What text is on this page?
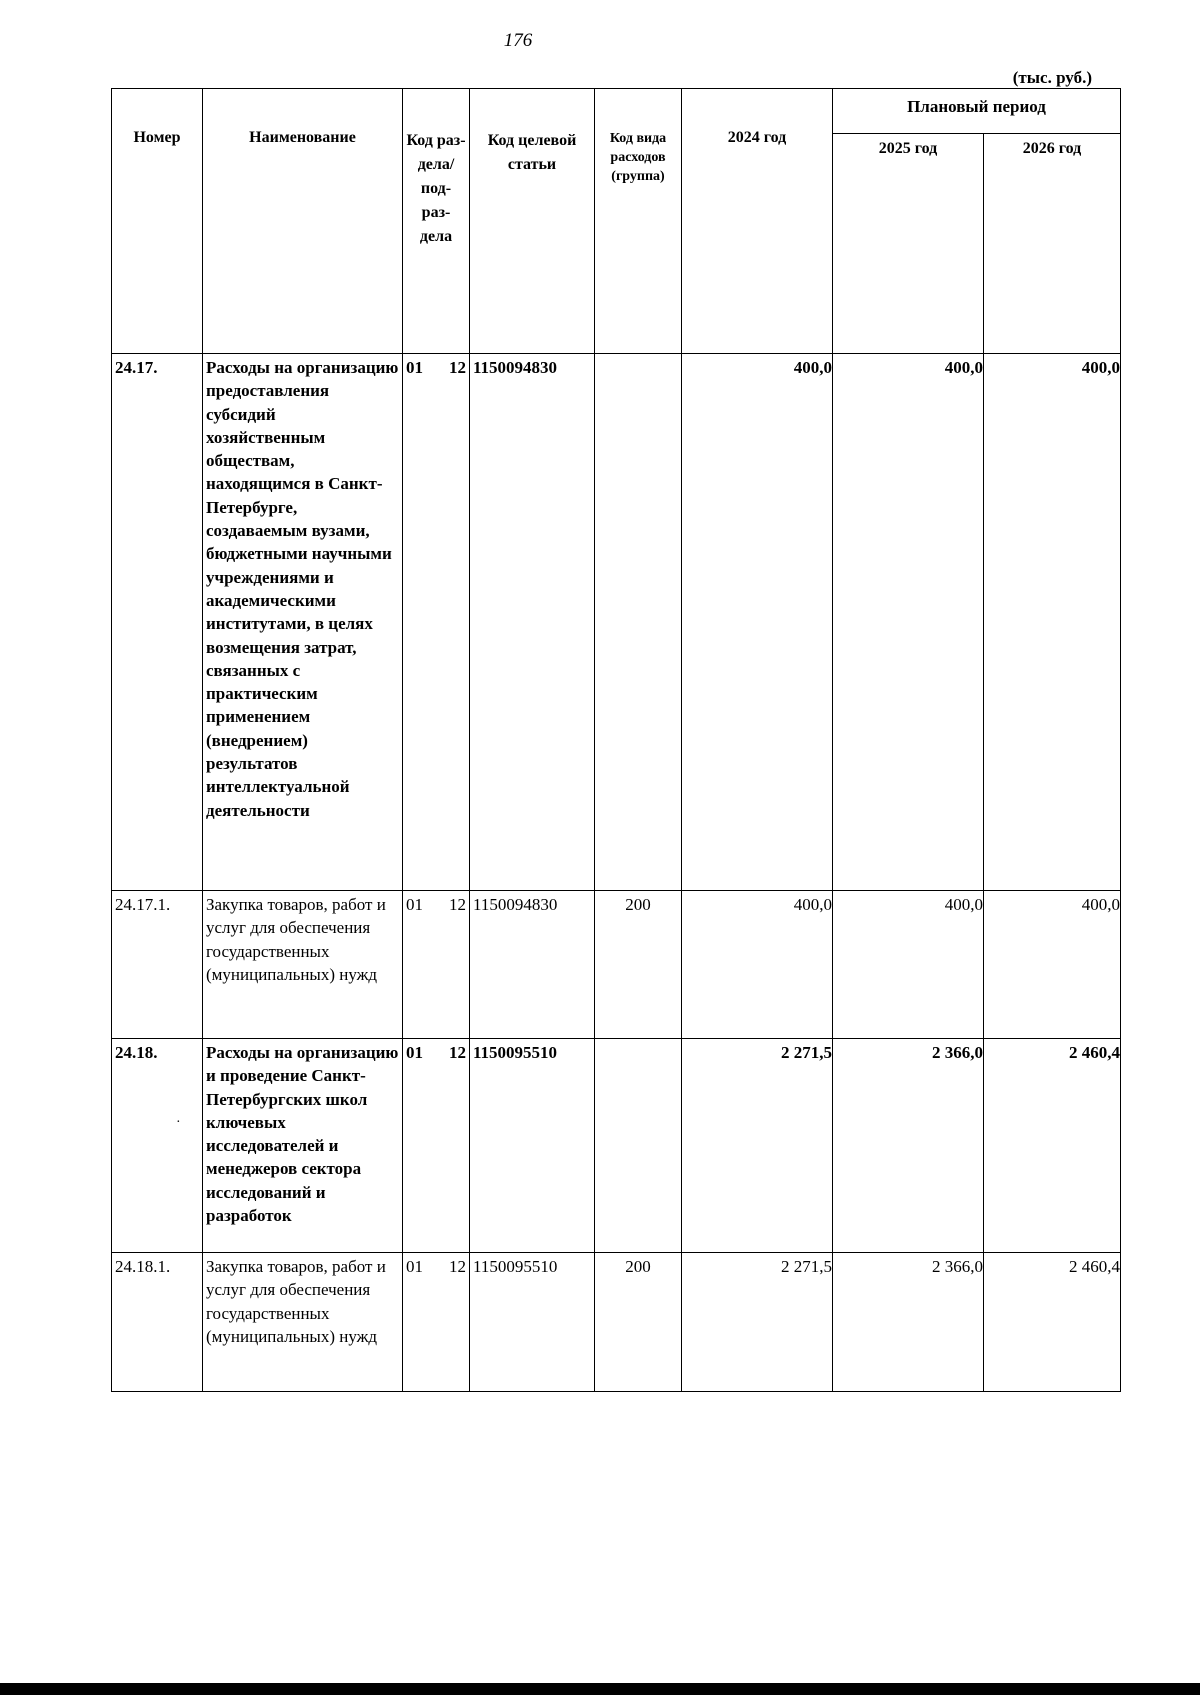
176
(тыс. руб.)
Номер	Наименование	Код раз- дела/ под- раз- дела	Код целевой статьи	Код вида расходов (группа)	2024 год	Плановый период	
						2025 год	2026 год
24.17.	Расходы на организацию предоставления субсидий хозяйственным обществам, находящимся в Санкт-Петербурге, создаваемым вузами, бюджетными научными учреждениями и академическими институтами, в целях возмещения затрат, связанных с практическим применением (внедрением) результатов интеллектуальной деятельности	01 12	1150094830		400,0	400,0	400,0
24.17.1.	Закупка товаров, работ и услуг для обеспечения государственных (муниципальных) нужд	01 12	1150094830	200	400,0	400,0	400,0
24.18.	Расходы на организацию и проведение Санкт-Петербургских школ ключевых исследователей и менеджеров сектора исследований и разработок	01 12	1150095510		2 271,5	2 366,0	2 460,4
24.18.1.	Закупка товаров, работ и услуг для обеспечения государственных (муниципальных) нужд	01 12	1150095510	200	2 271,5	2 366,0	2 460,4
·
